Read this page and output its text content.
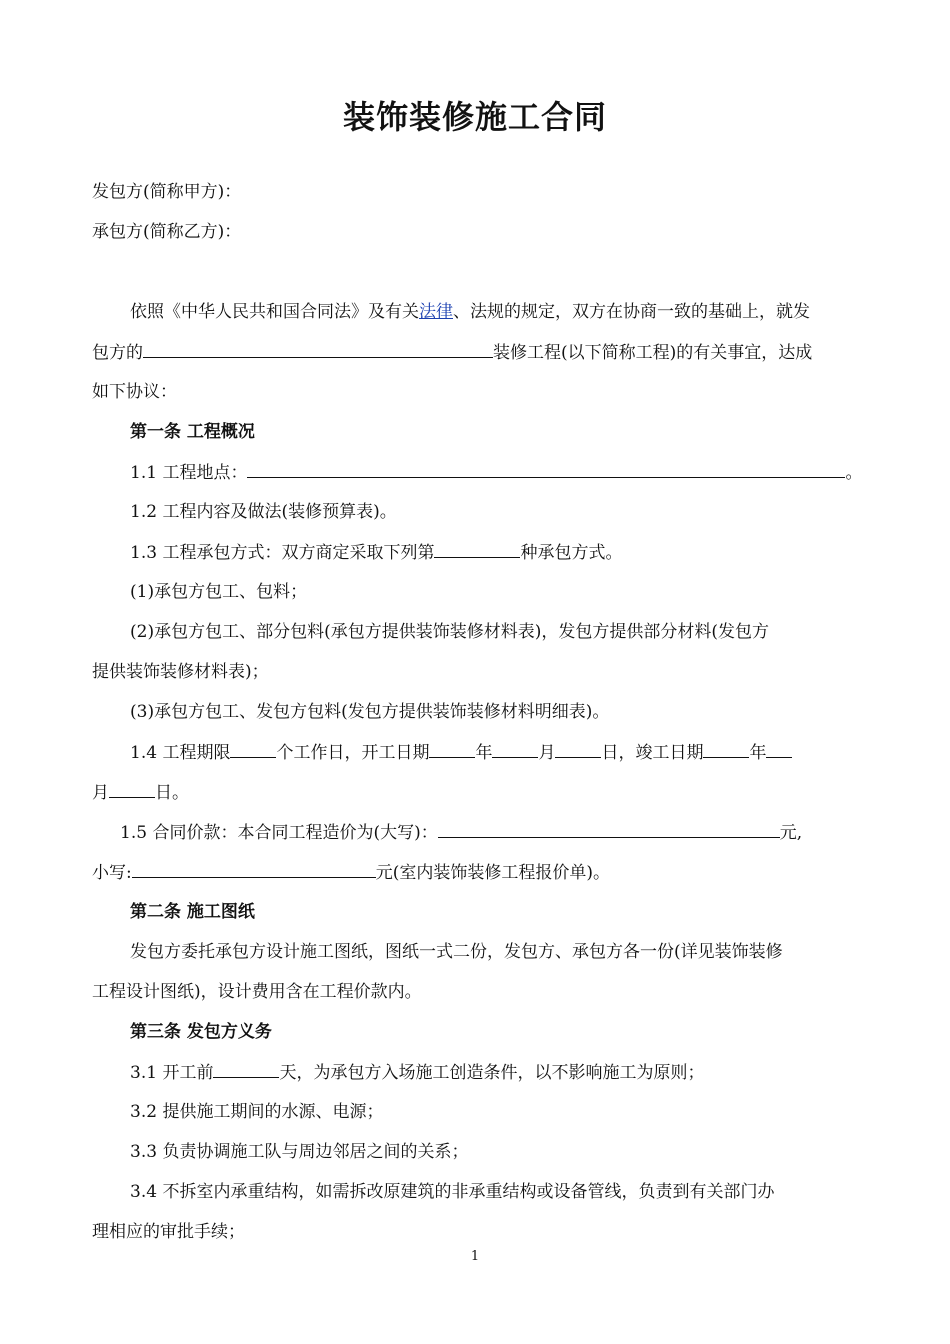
装饰装修施工合同
发包方(简称甲方)：
承包方(简称乙方)：
依照《中华人民共和国合同法》及有关法律、法规的规定，双方在协商一致的基础上，就发
包方的	装修工程(以下简称工程)的有关事宜，达成
如下协议：
第一条 工程概况
1.1 工程地点：	。
1.2 工程内容及做法(装修预算表)。
1.3 工程承包方式：双方商定采取下列第	种承包方式。
(1)承包方包工、包料；
(2)承包方包工、部分包料(承包方提供装饰装修材料表)，发包方提供部分材料(发包方
提供装饰装修材料表)；
(3)承包方包工、发包方包料(发包方提供装饰装修材料明细表)。
1.4 工程期限	个工作日，开工日期	年	月	日，竣工日期	年
月	日。
1.5 合同价款：本合同工程造价为(大写)：	元,
小写:	元(室内装饰装修工程报价单)。
第二条 施工图纸
发包方委托承包方设计施工图纸，图纸一式二份，发包方、承包方各一份(详见装饰装修
工程设计图纸)，设计费用含在工程价款内。
第三条 发包方义务
3.1 开工前	天，为承包方入场施工创造条件，以不影响施工为原则；
3.2 提供施工期间的水源、电源；
3.3 负责协调施工队与周边邻居之间的关系；
3.4 不拆室内承重结构，如需拆改原建筑的非承重结构或设备管线，负责到有关部门办
理相应的审批手续；
1
